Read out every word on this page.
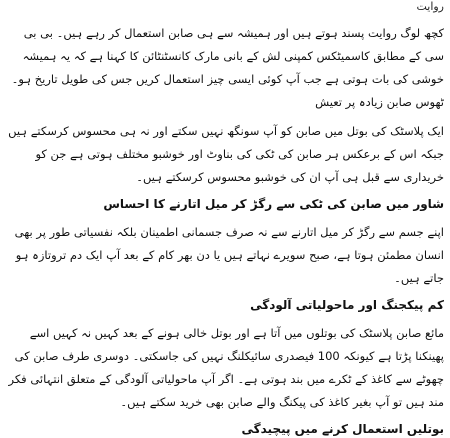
روایت

کچھ لوگ روایت پسند ہوتے ہیں اور ہمیشہ سے ہی صابن استعمال کر رہے ہیں۔ بی بی سی کے مطابق کاسمیٹکس کمپنی لش کے بانی مارک کانسٹنٹائن کا کہنا ہے کہ یہ ہمیشہ خوشی کی بات ہوتی ہے جب آپ کوئی ایسی چیز استعمال کریں جس کی طویل تاریخ ہو۔ ٹھوس صابن زیادہ پر تعیش

ایک پلاسٹک کی بوتل میں صابن کو آپ سونگھ نہیں سکتے اور نہ ہی محسوس کرسکتے ہیں جبکہ اس کے برعکس ہر صابن کی ٹکی کی بناوٹ اور خوشبو مختلف ہوتی ہے جن کو خریداری سے قبل ہی آپ ان کی خوشبو محسوس کرسکتے ہیں۔

شاور میں صابن کی ٹکی سے رگڑ کر میل اتارنے کا احساس

اپنے جسم سے رگڑ کر میل اتارنے سے نہ صرف جسمانی اطمینان بلکہ نفسیاتی طور پر بھی انسان مطمئن ہوتا ہے، صبح سویرے نہاتے ہیں یا دن بھر کام کے بعد آپ ایک دم تروتازہ ہو جاتے ہیں۔

کم پیکجنگ اور ماحولیاتی آلودگی

مائع صابن پلاسٹک کی بوتلوں میں آتا ہے اور بوتل خالی ہونے کے بعد کہیں نہ کہیں اسے پھینکنا پڑتا ہے کیونکہ 100 فیصدری سائیکلنگ نہیں کی جاسکتی۔ دوسری طرف صابن کی چھوٹے سے کاغذ کے ٹکرے میں بند ہوتی ہے۔ اگر آپ ماحولیاتی آلودگی کے متعلق انتہائی فکر مند ہیں تو آپ بغیر کاغذ کی پیکنگ والے صابن بھی خرید سکتے ہیں۔

بوتلیں استعمال کرنے میں پیچیدگی
